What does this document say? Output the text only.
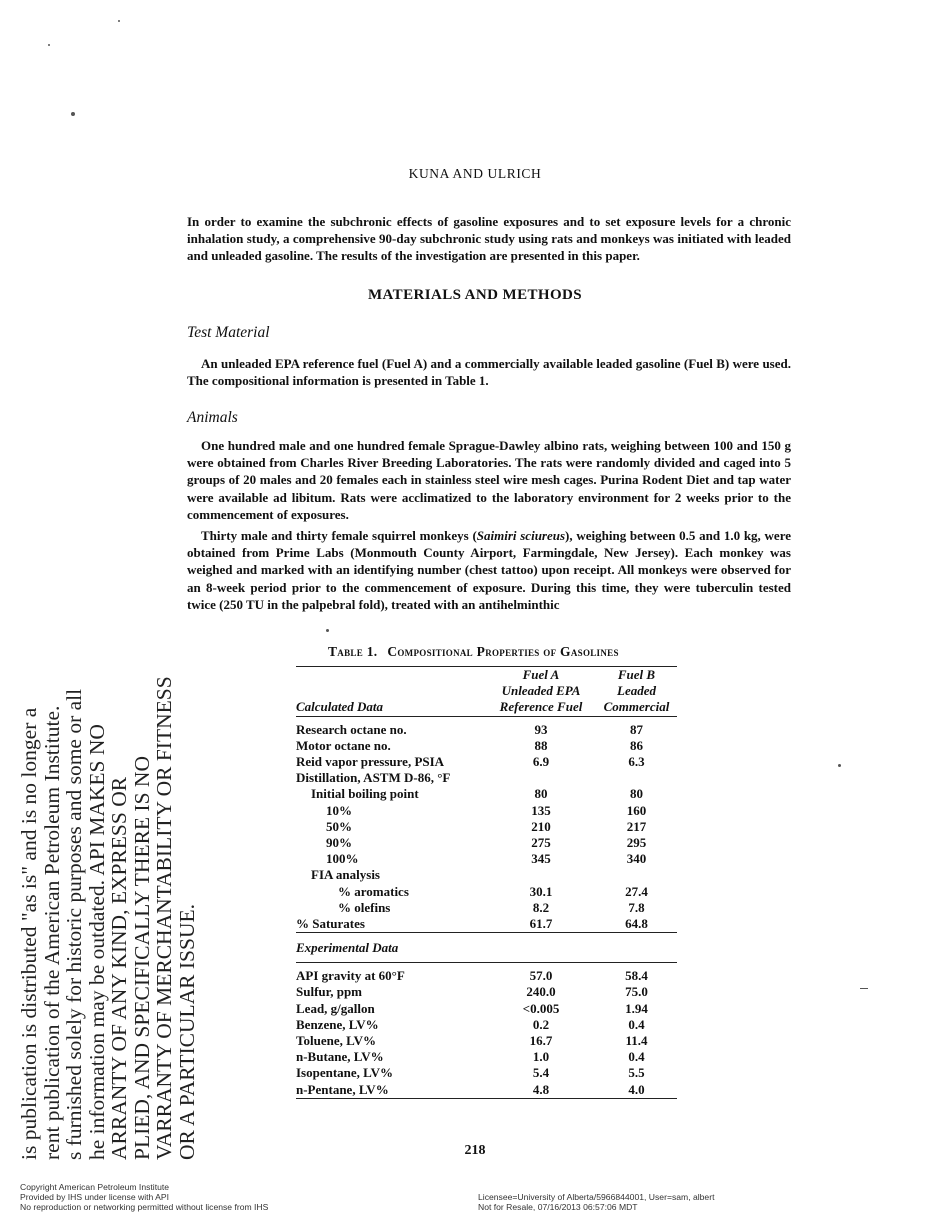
KUNA AND ULRICH
In order to examine the subchronic effects of gasoline exposures and to set exposure levels for a chronic inhalation study, a comprehensive 90-day subchronic study using rats and monkeys was initiated with leaded and unleaded gasoline. The results of the investigation are presented in this paper.
MATERIALS AND METHODS
Test Material
An unleaded EPA reference fuel (Fuel A) and a commercially available leaded gasoline (Fuel B) were used. The compositional information is presented in Table 1.
Animals
One hundred male and one hundred female Sprague-Dawley albino rats, weighing between 100 and 150 g were obtained from Charles River Breeding Laboratories. The rats were randomly divided and caged into 5 groups of 20 males and 20 females each in stainless steel wire mesh cages. Purina Rodent Diet and tap water were available ad libitum. Rats were acclimatized to the laboratory environment for 2 weeks prior to the commencement of exposures.
Thirty male and thirty female squirrel monkeys (Saimiri sciureus), weighing between 0.5 and 1.0 kg, were obtained from Prime Labs (Monmouth County Airport, Farmingdale, New Jersey). Each monkey was weighed and marked with an identifying number (chest tattoo) upon receipt. All monkeys were observed for an 8-week period prior to the commencement of exposure. During this time, they were tuberculin tested twice (250 TU in the palpebral fold), treated with an antihelminthic
Table 1. Compositional Properties of Gasolines
	Fuel A	Fuel B
	Unleaded EPA	Leaded
Calculated Data	Reference Fuel	Commercial

Research octane no.	93	87
Motor octane no.	88	86
Reid vapor pressure, PSIA	6.9	6.3
Distillation, ASTM D-86, °F		
Initial boiling point	80	80
10%	135	160
50%	210	217
90%	275	295
100%	345	340
FIA analysis		
% aromatics	30.1	27.4
% olefins	8.2	7.8
% Saturates	61.7	64.8
Experimental Data		

API gravity at 60°F	57.0	58.4
Sulfur, ppm	240.0	75.0
Lead, g/gallon	<0.005	1.94
Benzene, LV%	0.2	0.4
Toluene, LV%	16.7	11.4
n-Butane, LV%	1.0	0.4
Isopentane, LV%	5.4	5.5
n-Pentane, LV%	4.8	4.0
218
is publication is distributed "as is" and is no longer a
rent publication of the American Petroleum Institute.
s furnished solely for historic purposes and some or all
he information may be outdated. API MAKES NO
ARRANTY OF ANY KIND, EXPRESS OR
PLIED, AND SPECIFICALLY THERE IS NO
VARRANTY OF MERCHANTABILITY OR FITNESS
OR A PARTICULAR ISSUE.
Copyright American Petroleum Institute
Provided by IHS under license with API
No reproduction or networking permitted without license from IHS
Licensee=University of Alberta/5966844001, User=sam, albert
Not for Resale, 07/16/2013 06:57:06 MDT
